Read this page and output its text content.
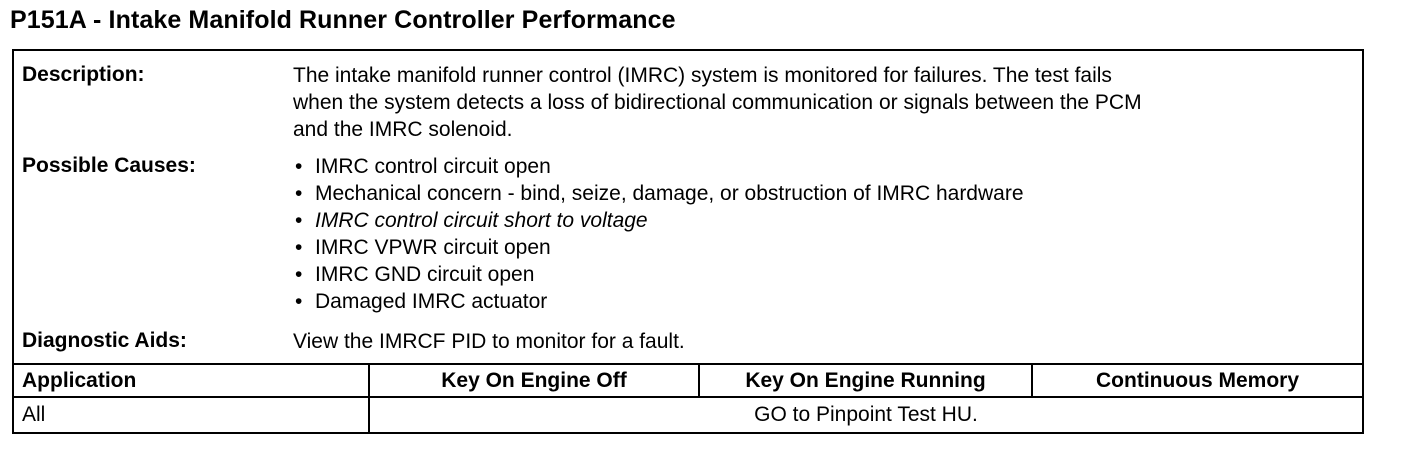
P151A - Intake Manifold Runner Controller Performance
Description:	The intake manifold runner control (IMRC) system is monitored for failures. The test fails
when the system detects a loss of bidirectional communication or signals between the PCM
and the IMRC solenoid.
Possible Causes:
•	IMRC control circuit open
• Mechanical concern - bind, seize, damage, or obstruction of IMRC hardware
• IMRC control circuit short to voltage
• IMRC VPWR circuit open
• IMRC GND circuit open
• Damaged IMRC actuator
Diagnostic Aids:	View the IMRCF PID to monitor for a fault.
Application	Key On Engine Off	Key On Engine Running	Continuous Memory
All	GO to Pinpoint Test HU.
